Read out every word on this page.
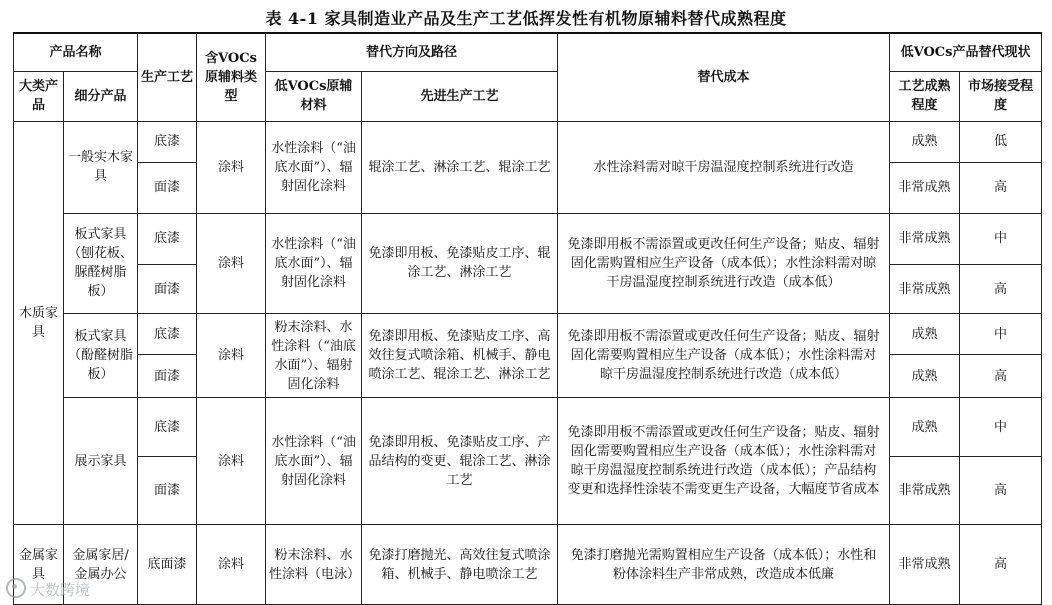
表 4-1 家具制造业产品及生产工艺低挥发性有机物原辅料替代成熟程度
产品名称		生产工艺	含VOCs原辅料类型	替代方向及路径		替代成本	低VOCs产品替代现状	
大类产品	细分产品			低VOCs原辅材料	先进生产工艺		工艺成熟程度	市场接受程度
木质家具	一般实木家具	底漆	涂料	水性涂料（“油底水面”）、辐射固化涂料	辊涂工艺、淋涂工艺、辊涂工艺	水性涂料需对晾干房温湿度控制系统进行改造	成熟	低
		面漆					非常成熟	高
	板式家具（刨花板、脲醛树脂板）	底漆	涂料	水性涂料（“油底水面”）、辐射固化涂料	免漆即用板、免漆贴皮工序、辊涂工艺、淋涂工艺	免漆即用板不需添置或更改任何生产设备；贴皮、辐射固化需购置相应生产设备（成本低）；水性涂料需对晾干房温湿度控制系统进行改造（成本低）	非常成熟	中
		面漆					非常成熟	高
	板式家具（酚醛树脂板）	底漆	涂料	粉末涂料、水性涂料（“油底水面”）、辐射固化涂料	免漆即用板、免漆贴皮工序、高效往复式喷涂箱、机械手、静电喷涂工艺、辊涂工艺、淋涂工艺	免漆即用板不需添置或更改任何生产设备；贴皮、辐射固化需要购置相应生产设备（成本低）；水性涂料需对晾干房温湿度控制系统进行改造（成本低）	成熟	中
		面漆					成熟	高
	展示家具	底漆	涂料	水性涂料（“油底水面”）、辐射固化涂料	免漆即用板、免漆贴皮工序、产品结构的变更、辊涂工艺、淋涂工艺	免漆即用板不需添置或更改任何生产设备；贴皮、辐射固化需要购置相应生产设备（成本低）；水性涂料需对晾干房温湿度控制系统进行改造（成本低）；产品结构变更和选择性涂装不需变更生产设备，大幅度节省成本	成熟	中
		面漆					非常成熟	高
金属家具	金属家居/金属办公	底面漆	涂料	粉末涂料、水性涂料（电泳）	免漆打磨抛光、高效往复式喷涂箱、机械手、静电喷涂工艺	免漆打磨抛光需购置相应生产设备（成本低）；水性和粉体涂料生产非常成熟，改造成本低廉	非常成熟	高
大数跨境
